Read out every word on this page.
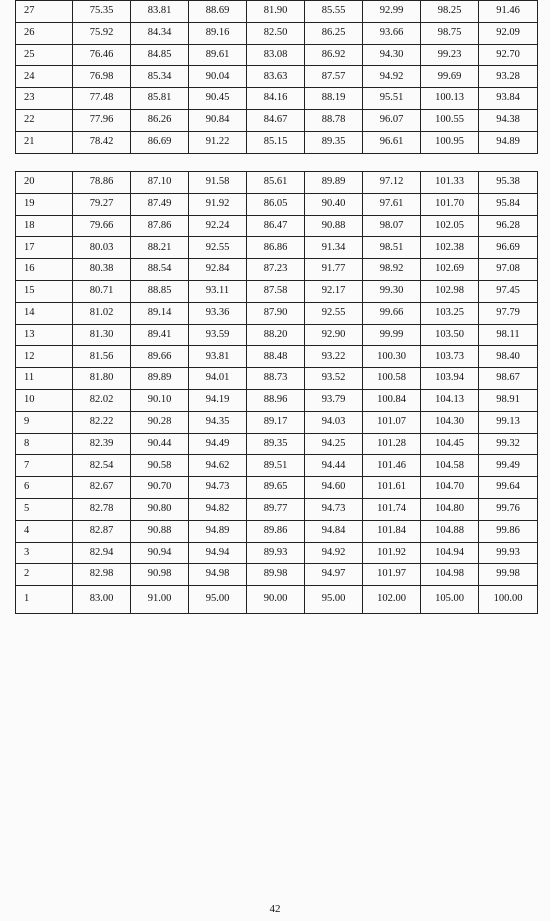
27	75.35	83.81	88.69	81.90	85.55	92.99	98.25	91.46
26	75.92	84.34	89.16	82.50	86.25	93.66	98.75	92.09
25	76.46	84.85	89.61	83.08	86.92	94.30	99.23	92.70
24	76.98	85.34	90.04	83.63	87.57	94.92	99.69	93.28
23	77.48	85.81	90.45	84.16	88.19	95.51	100.13	93.84
22	77.96	86.26	90.84	84.67	88.78	96.07	100.55	94.38
21	78.42	86.69	91.22	85.15	89.35	96.61	100.95	94.89
20	78.86	87.10	91.58	85.61	89.89	97.12	101.33	95.38
19	79.27	87.49	91.92	86.05	90.40	97.61	101.70	95.84
18	79.66	87.86	92.24	86.47	90.88	98.07	102.05	96.28
17	80.03	88.21	92.55	86.86	91.34	98.51	102.38	96.69
16	80.38	88.54	92.84	87.23	91.77	98.92	102.69	97.08
15	80.71	88.85	93.11	87.58	92.17	99.30	102.98	97.45
14	81.02	89.14	93.36	87.90	92.55	99.66	103.25	97.79
13	81.30	89.41	93.59	88.20	92.90	99.99	103.50	98.11
12	81.56	89.66	93.81	88.48	93.22	100.30	103.73	98.40
11	81.80	89.89	94.01	88.73	93.52	100.58	103.94	98.67
10	82.02	90.10	94.19	88.96	93.79	100.84	104.13	98.91
9	82.22	90.28	94.35	89.17	94.03	101.07	104.30	99.13
8	82.39	90.44	94.49	89.35	94.25	101.28	104.45	99.32
7	82.54	90.58	94.62	89.51	94.44	101.46	104.58	99.49
6	82.67	90.70	94.73	89.65	94.60	101.61	104.70	99.64
5	82.78	90.80	94.82	89.77	94.73	101.74	104.80	99.76
4	82.87	90.88	94.89	89.86	94.84	101.84	104.88	99.86
3	82.94	90.94	94.94	89.93	94.92	101.92	104.94	99.93
2	82.98	90.98	94.98	89.98	94.97	101.97	104.98	99.98
1	83.00	91.00	95.00	90.00	95.00	102.00	105.00	100.00
42
